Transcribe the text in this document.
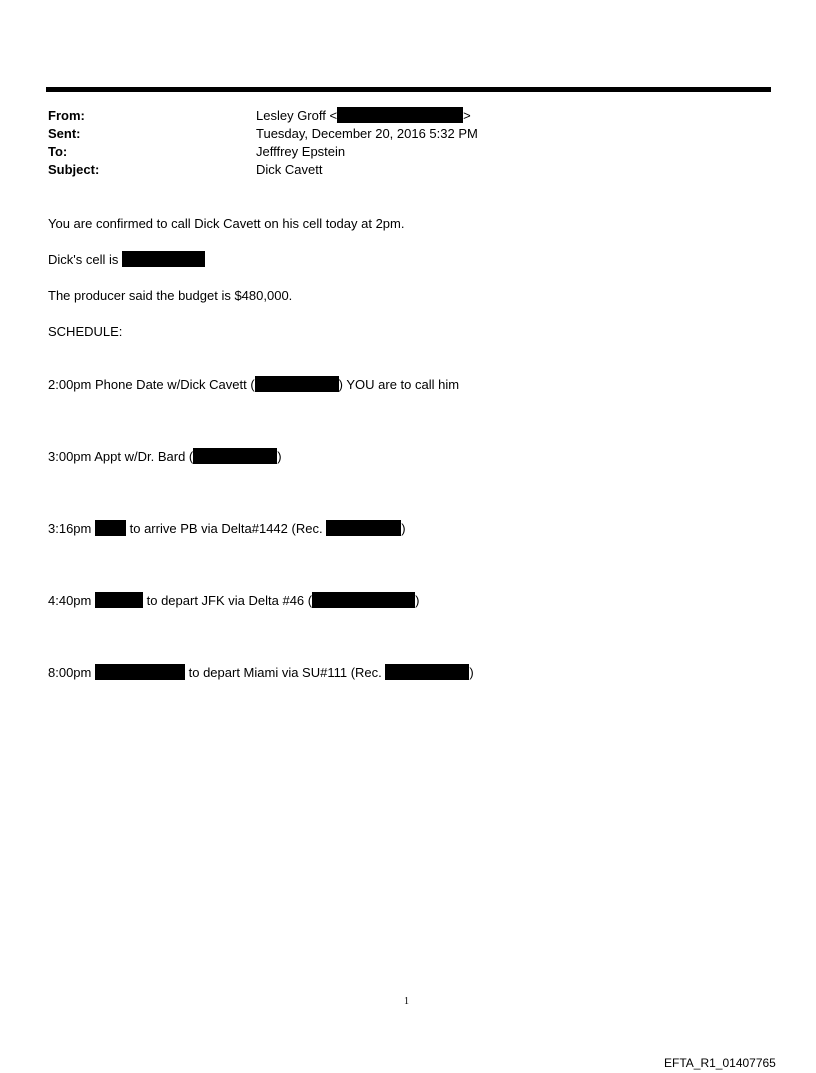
From:	Lesley Groff <	>
Sent:	Tuesday, December 20, 2016 5:32 PM
To:	Jefffrey Epstein
Subject:	Dick Cavett
You are confirmed to call Dick Cavett on his cell today at 2pm.
Dick's cell is
The producer said the budget is $480,000.
SCHEDULE:
2:00pm Phone Date w/Dick Cavett (	) YOU are to call him
3:00pm Appt w/Dr. Bard (	)
3:16pm	to arrive PB via Delta#1442 (Rec.	)
4:40pm	to depart JFK via Delta #46 (	)
8:00pm	to depart Miami via SU#111 (Rec.	)
1
EFTA_R1_01407765
